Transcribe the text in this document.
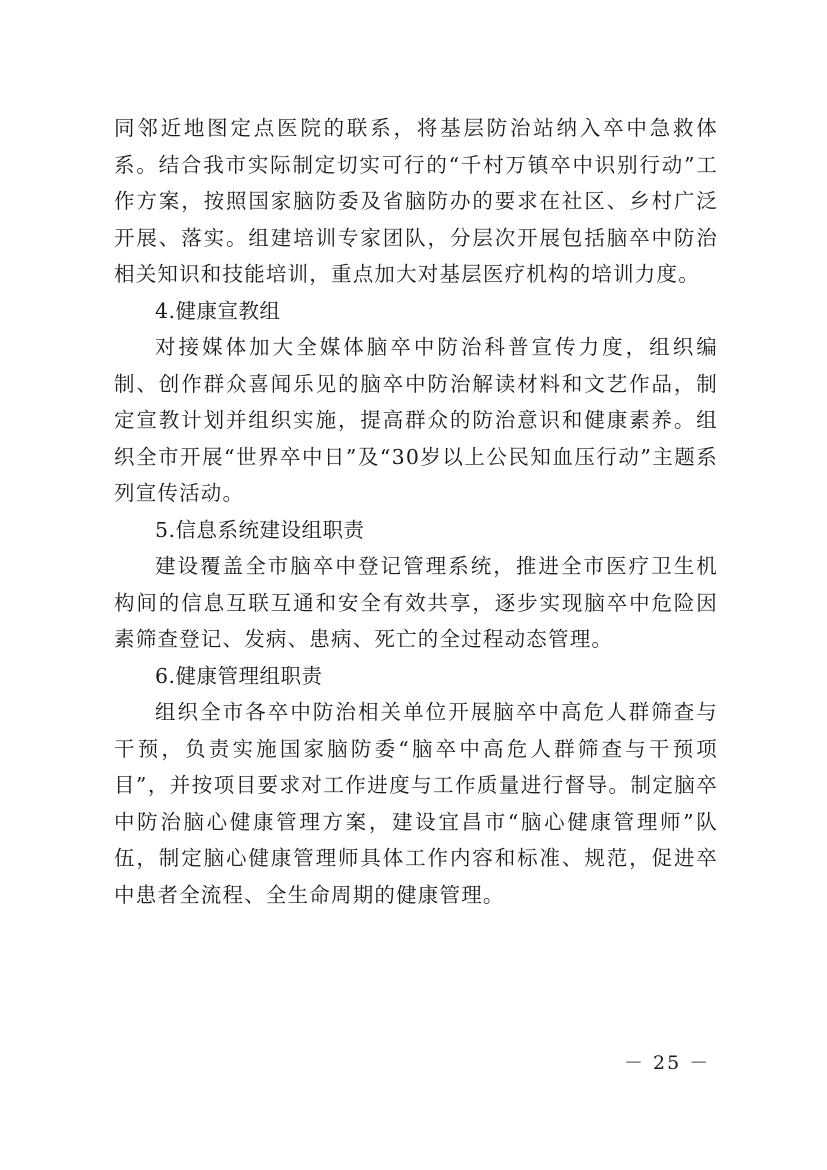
同邻近地图定点医院的联系，将基层防治站纳入卒中急救体系。结合我市实际制定切实可行的“千村万镇卒中识别行动”工作方案，按照国家脑防委及省脑防办的要求在社区、乡村广泛开展、落实。组建培训专家团队，分层次开展包括脑卒中防治相关知识和技能培训，重点加大对基层医疗机构的培训力度。

4.健康宣教组

对接媒体加大全媒体脑卒中防治科普宣传力度，组织编制、创作群众喜闻乐见的脑卒中防治解读材料和文艺作品，制定宣教计划并组织实施，提高群众的防治意识和健康素养。组织全市开展“世界卒中日”及“30岁以上公民知血压行动”主题系列宣传活动。

5.信息系统建设组职责

建设覆盖全市脑卒中登记管理系统，推进全市医疗卫生机构间的信息互联互通和安全有效共享，逐步实现脑卒中危险因素筛查登记、发病、患病、死亡的全过程动态管理。

6.健康管理组职责

组织全市各卒中防治相关单位开展脑卒中高危人群筛查与干预，负责实施国家脑防委“脑卒中高危人群筛查与干预项目”，并按项目要求对工作进度与工作质量进行督导。制定脑卒中防治脑心健康管理方案，建设宜昌市“脑心健康管理师”队伍，制定脑心健康管理师具体工作内容和标准、规范，促进卒中患者全流程、全生命周期的健康管理。

－ 25 －
